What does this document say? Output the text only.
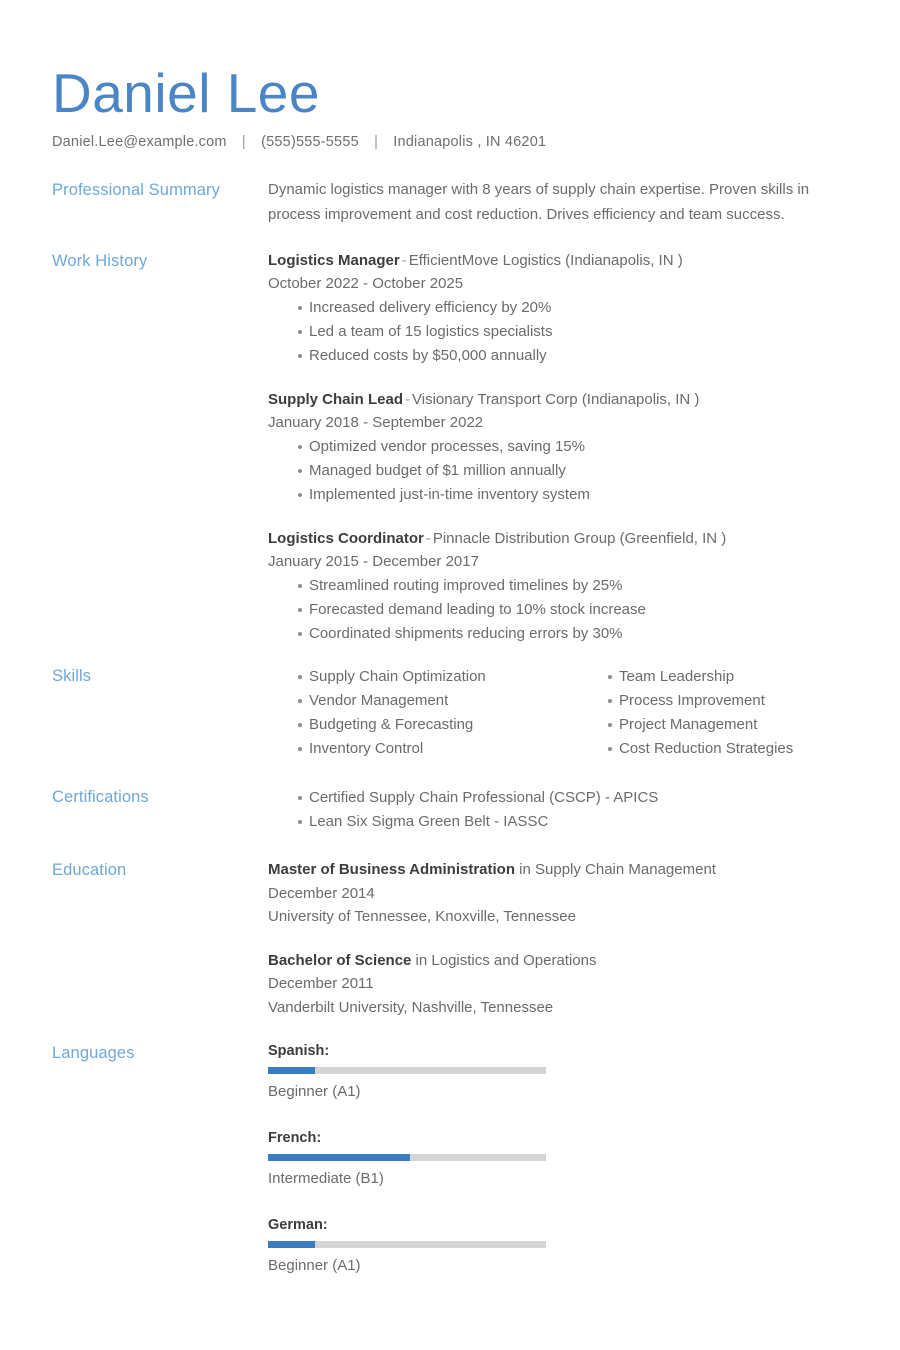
Daniel Lee
Daniel.Lee@example.com | (555)555-5555 | Indianapolis , IN 46201
Professional Summary	Dynamic logistics manager with 8 years of supply chain expertise. Proven skills in process improvement and cost reduction. Drives efficiency and team success.
Work History	Logistics Manager - EfficientMove Logistics (Indianapolis, IN )
October 2022 - October 2025
Increased delivery efficiency by 20%
Led a team of 15 logistics specialists
Reduced costs by $50,000 annually
Supply Chain Lead - Visionary Transport Corp (Indianapolis, IN )
January 2018 - September 2022
Optimized vendor processes, saving 15%
Managed budget of $1 million annually
Implemented just-in-time inventory system
Logistics Coordinator - Pinnacle Distribution Group (Greenfield, IN )
January 2015 - December 2017
Streamlined routing improved timelines by 25%
Forecasted demand leading to 10% stock increase
Coordinated shipments reducing errors by 30%
Skills	Supply Chain Optimization
Vendor Management
Budgeting & Forecasting
Inventory Control
Team Leadership
Process Improvement
Project Management
Cost Reduction Strategies
Certifications	Certified Supply Chain Professional (CSCP) - APICS
Lean Six Sigma Green Belt - IASSC
Education	Master of Business Administration in Supply Chain Management
December 2014
University of Tennessee, Knoxville, Tennessee
Bachelor of Science in Logistics and Operations
December 2011
Vanderbilt University, Nashville, Tennessee
Languages	Spanish:
Beginner (A1)
French:
Intermediate (B1)
German:
Beginner (A1)
